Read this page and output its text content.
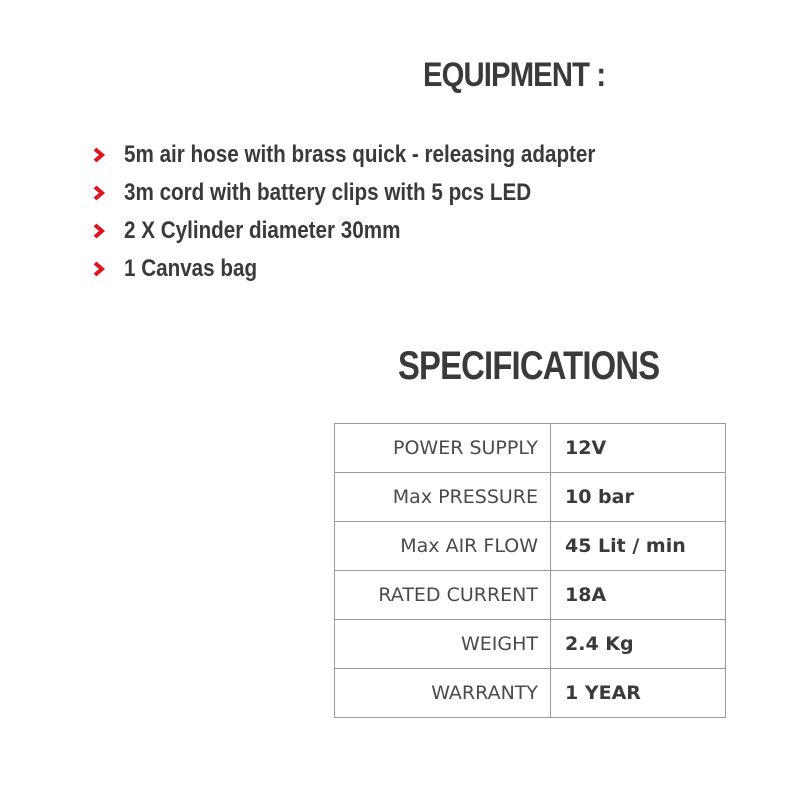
EQUIPMENT :
5m air hose with brass quick - releasing adapter
3m cord with battery clips with 5 pcs LED
2 X Cylinder diameter 30mm
1 Canvas bag
SPECIFICATIONS
POWER SUPPLY	12V
Max PRESSURE	10 bar
Max AIR FLOW	45 Lit / min
RATED CURRENT	18A
WEIGHT	2.4 Kg
WARRANTY	1 YEAR
